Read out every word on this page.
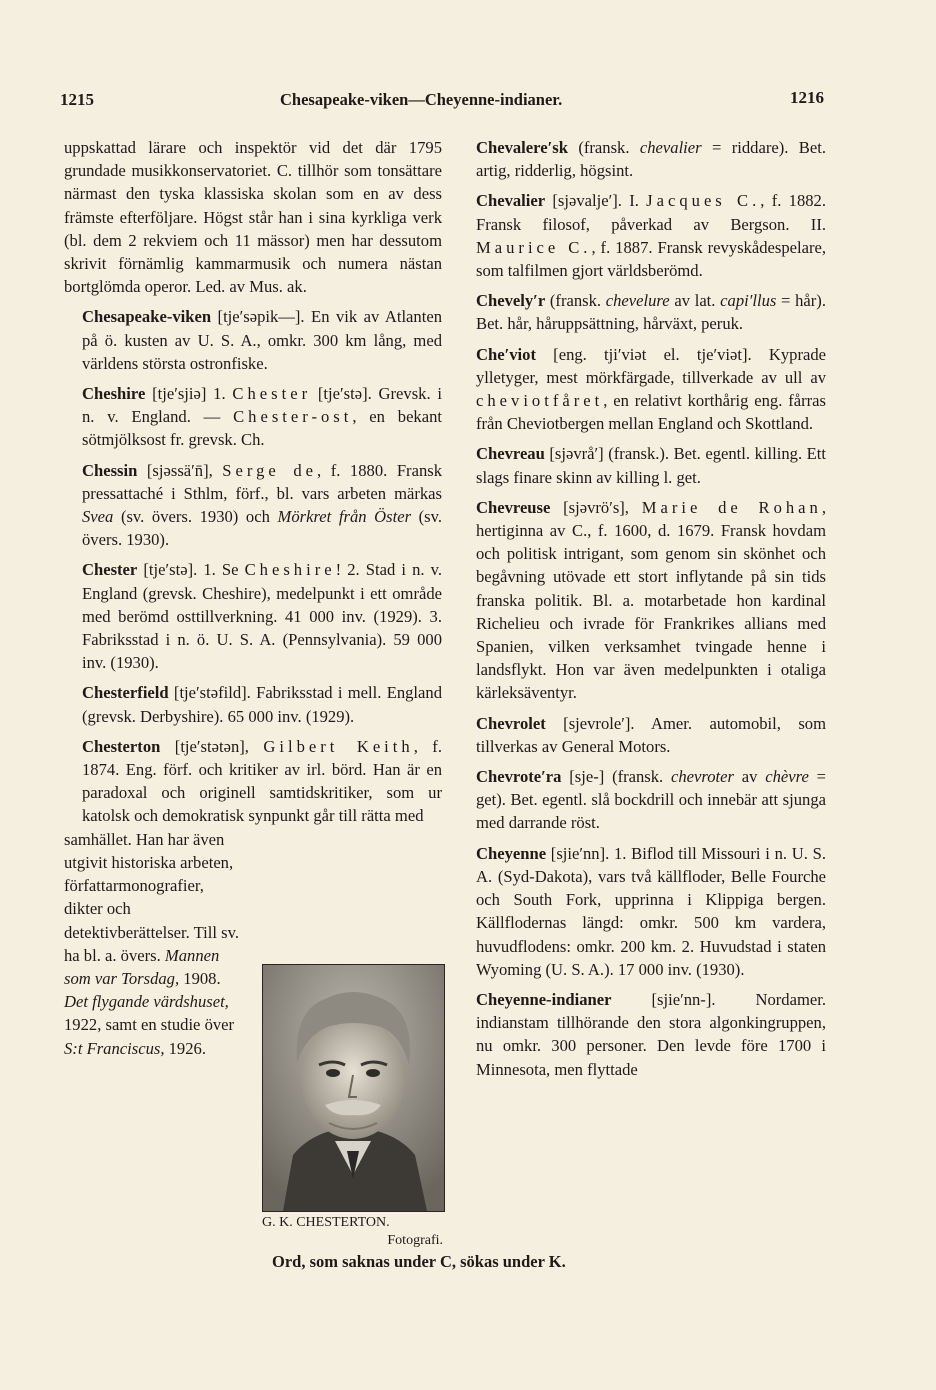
1215	Chesapeake-viken—Cheyenne-indianer.	1216

uppskattad lärare och inspektör vid det där 1795 grundade musikkonservatoriet. C. tillhör som tonsättare närmast den tyska klassiska skolan som en av dess främste efterföljare. Högst står han i sina kyrkliga verk (bl. dem 2 rekviem och 11 mässor) men har dessutom skrivit förnämlig kammarmusik och numera nästan bortglömda operor. Led. av Mus. ak.

Chesapeake-viken [tje′səpik—]. En vik av Atlanten på ö. kusten av U. S. A., omkr. 300 km lång, med världens största ostronfiske.

Cheshire [tje′sjiə] 1. Chester [tje′stə]. Grevsk. i n. v. England. — Chester-ost, en bekant sötmjölksost fr. grevsk. Ch.

Chessin [sjəssä′n̄], Serge de, f. 1880. Fransk pressattaché i Sthlm, förf., bl. vars arbeten märkas Svea (sv. övers. 1930) och Mörkret från Öster (sv. övers. 1930).

Chester [tje′stə]. 1. Se Cheshire! 2. Stad i n. v. England (grevsk. Cheshire), medelpunkt i ett område med berömd osttillverkning. 41 000 inv. (1929). 3. Fabriksstad i n. ö. U. S. A. (Pennsylvania). 59 000 inv. (1930).

Chesterfield [tje′stəfild]. Fabriksstad i mell. England (grevsk. Derbyshire). 65 000 inv. (1929).

Chesterton [tje′stətən], Gilbert Keith, f. 1874. Eng. förf. och kritiker av irl. börd. Han är en paradoxal och originell samtidskritiker, som ur katolsk och demokratisk synpunkt går till rätta med

samhället. Han har även utgivit historiska arbeten, författarmonografier, dikter och detektivberättelser. Till sv. ha bl. a. övers. Mannen som var Torsdag, 1908. Det flygande värdshuset, 1922, samt en studie över S:t Franciscus, 1926.

G. K. CHESTERTON.
Fotografi.

Chevalere′sk (fransk. chevalier = riddare). Bet. artig, ridderlig, högsint.

Chevalier [sjəvalje′]. I. Jacques C., f. 1882. Fransk filosof, påverkad av Bergson. II. Maurice C., f. 1887. Fransk revyskådespelare, som talfilmen gjort världsberömd.

Chevely′r (fransk. chevelure av lat. capi′llus = hår). Bet. hår, håruppsättning, hårväxt, peruk.

Che′viot [eng. tji′viət el. tje′viət]. Kyprade ylletyger, mest mörkfärgade, tillverkade av ull av cheviotfåret, en relativt korthårig eng. fårras från Cheviotbergen mellan England och Skottland.

Chevreau [sjəvrå′] (fransk.). Bet. egentl. killing. Ett slags finare skinn av killing l. get.

Chevreuse [sjəvrö′s], Marie de Rohan, hertiginna av C., f. 1600, d. 1679. Fransk hovdam och politisk intrigant, som genom sin skönhet och begåvning utövade ett stort inflytande på sin tids franska politik. Bl. a. motarbetade hon kardinal Richelieu och ivrade för Frankrikes allians med Spanien, vilken verksamhet tvingade henne i landsflykt. Hon var även medelpunkten i otaliga kärleksäventyr.

Chevrolet [sjevrole′]. Amer. automobil, som tillverkas av General Motors.

Chevrote′ra [sje-] (fransk. chevroter av chèvre = get). Bet. egentl. slå bockdrill och innebär att sjunga med darrande röst.

Cheyenne [sjie′nn]. 1. Biflod till Missouri i n. U. S. A. (Syd-Dakota), vars två källfloder, Belle Fourche och South Fork, upprinna i Klippiga bergen. Källflodernas längd: omkr. 500 km vardera, huvudflodens: omkr. 200 km. 2. Huvudstad i staten Wyoming (U. S. A.). 17 000 inv. (1930).

Cheyenne-indianer [sjie′nn-]. Nordamer. indianstam tillhörande den stora algonkingruppen, nu omkr. 300 personer. Den levde före 1700 i Minnesota, men flyttade

Ord, som saknas under C, sökas under K.
